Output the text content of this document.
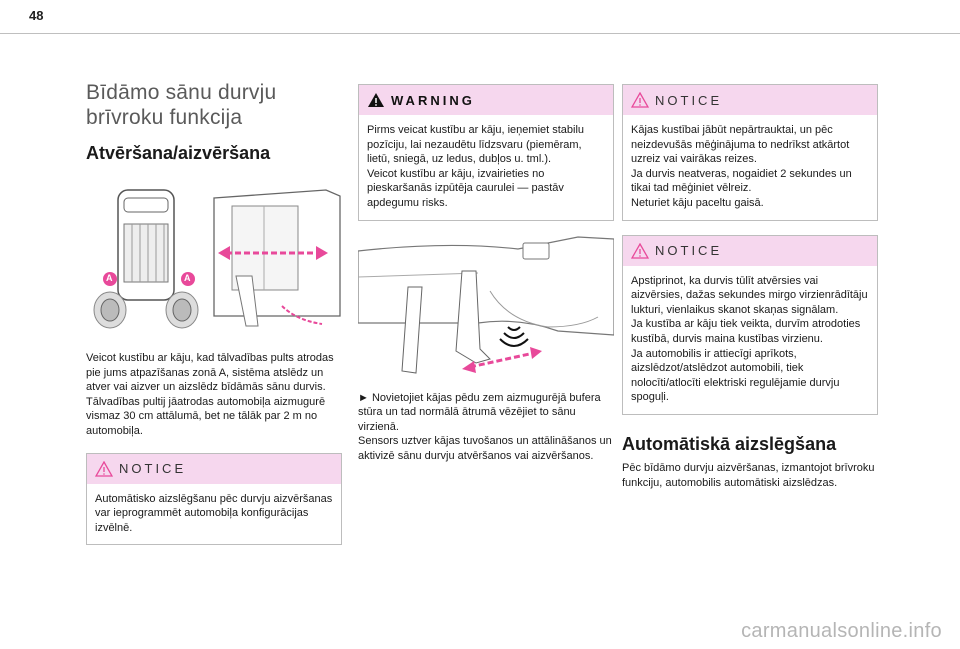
48
Bīdāmo sānu durvju brīvroku funkcija
Atvēršana/aizvēršana
A	A
Veicot kustību ar kāju, kad tālvadības pults atrodas pie jums atpazīšanas zonā A, sistēma atslēdz un atver vai aizver un aizslēdz bīdāmās sānu durvis.
Tālvadības pultij jāatrodas automobiļa aizmugurē vismaz 30 cm attālumā, bet ne tālāk par 2 m no automobiļa.
NOTICE
Automātisko aizslēgšanu pēc durvju aizvēršanas var ieprogrammēt automobiļa konfigurācijas izvēlnē.
WARNING
Pirms veicat kustību ar kāju, ieņemiet stabilu pozīciju, lai nezaudētu līdzsvaru (piemēram, lietū, sniegā, uz ledus, dubļos u. tml.).
Veicot kustību ar kāju, izvairieties no pieskaršanās izpūtēja caurulei — pastāv apdegumu risks.
► Novietojiet kājas pēdu zem aizmugurējā bufera stūra un tad normālā ātrumā vēzējiet to sānu virzienā.
Sensors uztver kājas tuvošanos un attālināšanos un aktivizē sānu durvju atvēršanos vai aizvēršanos.
NOTICE
Kājas kustībai jābūt nepārtrauktai, un pēc neizdevušās mēģinājuma to nedrīkst atkārtot uzreiz vai vairākas reizes.
Ja durvis neatveras, nogaidiet 2 sekundes un tikai tad mēģiniet vēlreiz.
Neturiet kāju paceltu gaisā.
NOTICE
Apstiprinot, ka durvis tūlīt atvērsies vai aizvērsies, dažas sekundes mirgo virzienrādītāju lukturi, vienlaikus skanot skaņas signālam.
Ja kustība ar kāju tiek veikta, durvīm atrodoties kustībā, durvis maina kustības virzienu.
Ja automobilis ir attiecīgi aprīkots, aizslēdzot/atslēdzot automobili, tiek nolocīti/atlocīti elektriski regulējamie durvju spoguļi.
Automātiskā aizslēgšana
Pēc bīdāmo durvju aizvēršanas, izmantojot brīvroku funkciju, automobilis automātiski aizslēdzas.
carmanualsonline.info
